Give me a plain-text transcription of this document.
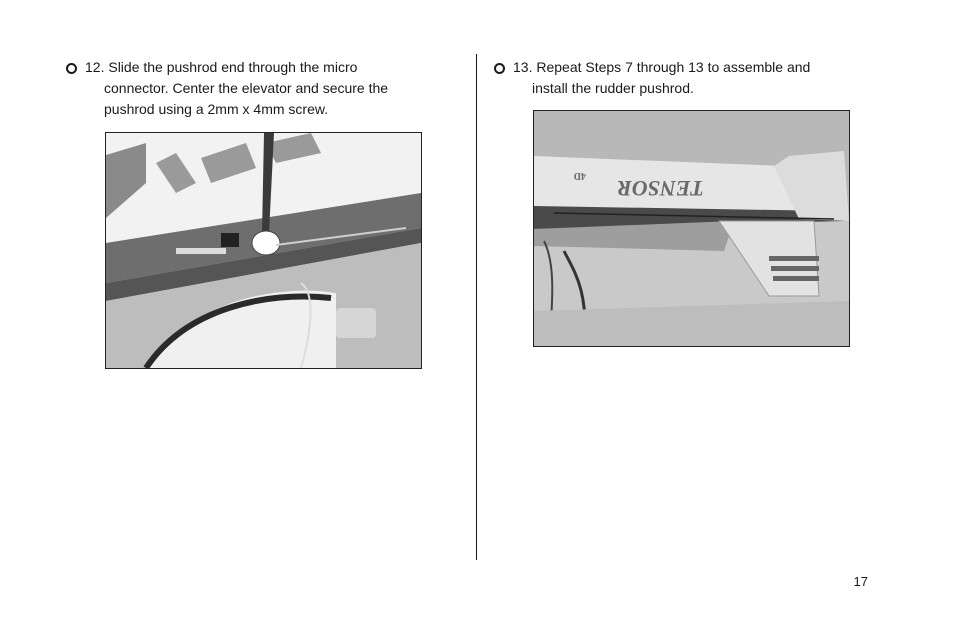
12. Slide the pushrod end through the micro
connector. Center the elevator and secure the
pushrod using a 2mm x 4mm screw.
13. Repeat Steps 7 through 13 to assemble and
install the rudder pushrod.
TENSOR
4D
17
